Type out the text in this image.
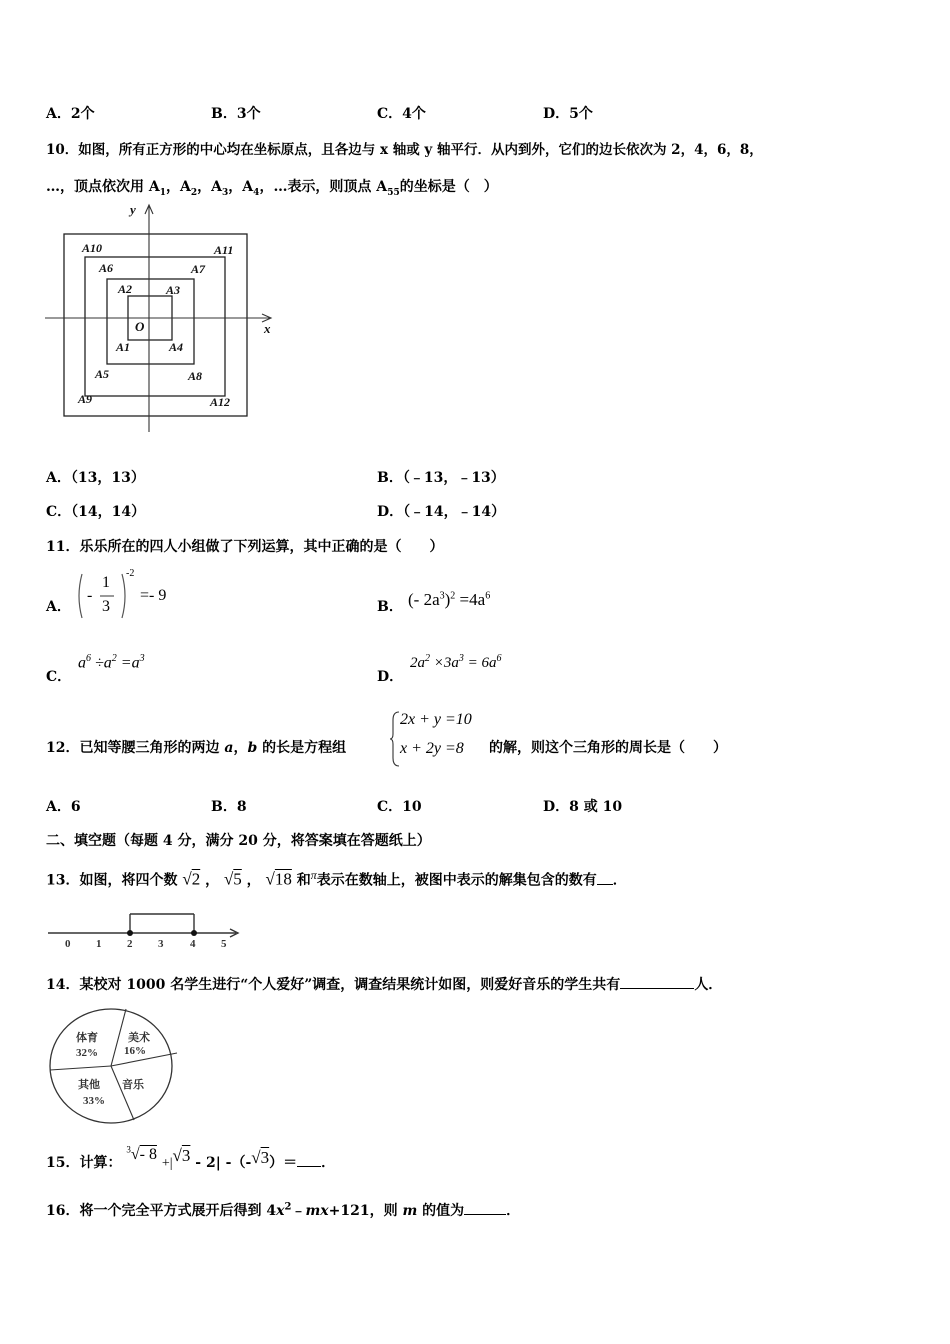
A．2个	B．3个	C．4个	D．5个
10．如图，所有正方形的中心均在坐标原点，且各边与 x 轴或 y 轴平行．从内到外，它们的边长依次为 2，4，6，8，
…，顶点依次用 $A_1$，$A_2$，$A_3$，$A_4$，…表示，则顶点 $A_{55}$的坐标是（　）
y
x
O
A1
A2	A3
A4
A5
A6	A7
A8
A9
A10	A11
A12
A．（13，13）	B．（﹣13，﹣13）
C．（14，14）	D．（﹣14，﹣14）
11．乐乐所在的四人小组做了下列运算，其中正确的是（　　）
A．
-
1
3
-2
=- 9
B． (- $2a^3)^2 =4a^6$
C．
$a^6 \div a^2 =a^3$
D．
$2a^2 \times 3a^3 = 6a^6$
12．已知等腰三角形的两边 a，b 的长是方程组
2x + y =10
x + 2y =8 的解，则这个三角形的周长是（　　）
A．6	B．8	C．10	D．8 或 10
二、填空题（每题 4 分，满分 20 分，将答案填在答题纸上）
13．如图，将四个数 √2 ， √5 ， √18 和π表示在数轴上，被图中表示的解集包含的数有 ．
0 1 2 3 4 5
14．某校对 1000 名学生进行“个人爱好”调查，调查结果统计如图，则爱好音乐的学生共有	人．
体育
32%
美术
16%
其他
33%
音乐
15．计算： $^3$√- 8 +|√3 - 2| -（-√3）＝ ．
16．将一个完全平方式展开后得到 $4x^2﹣mx+121$，则 m 的值为	．
